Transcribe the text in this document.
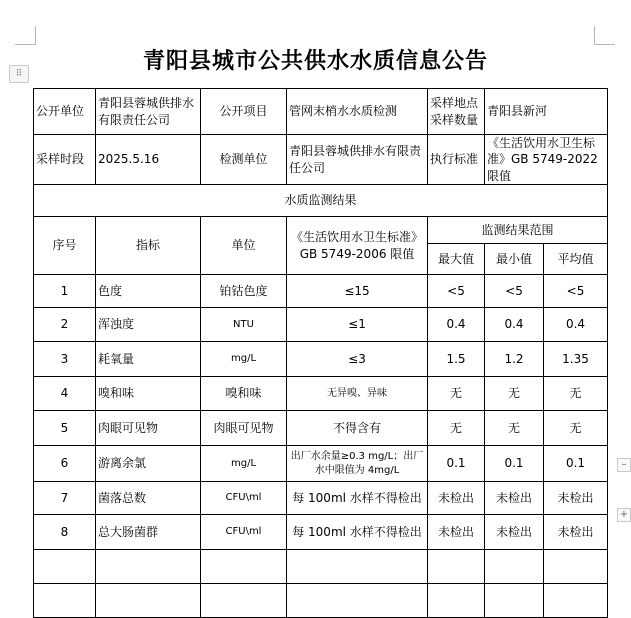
⠿
–
+
青阳县城市公共供水水质信息公告
公开单位	青阳县蓉城供排水有限责任公司	公开项目	管网末梢水水质检测	采样地点采样数量	青阳县新河	
采样时段	2025.5.16	检测单位	青阳县蓉城供排水有限责任公司	执行标准	《生活饮用水卫生标准》GB 5749-2022 限值	
水质监测结果						
序号	指标	单位	《生活饮用水卫生标准》GB 5749-2006 限值	监测结果范围		
				最大值	最小值	平均值
1	色度	铂钴色度	≤15	<5	<5	<5
2	浑浊度	NTU	≤1	0.4	0.4	0.4
3	耗氧量	mg/L	≤3	1.5	1.2	1.35
4	嗅和味	嗅和味	无异嗅、异味	无	无	无
5	肉眼可见物	肉眼可见物	不得含有	无	无	无
6	游离余氯	mg/L	出厂水余量≥0.3 mg/L；出厂水中限值为 4mg/L	0.1	0.1	0.1
7	菌落总数	CFU\ml	每 100ml 水样不得检出	未检出	未检出	未检出
8	总大肠菌群	CFU\ml	每 100ml 水样不得检出	未检出	未检出	未检出
